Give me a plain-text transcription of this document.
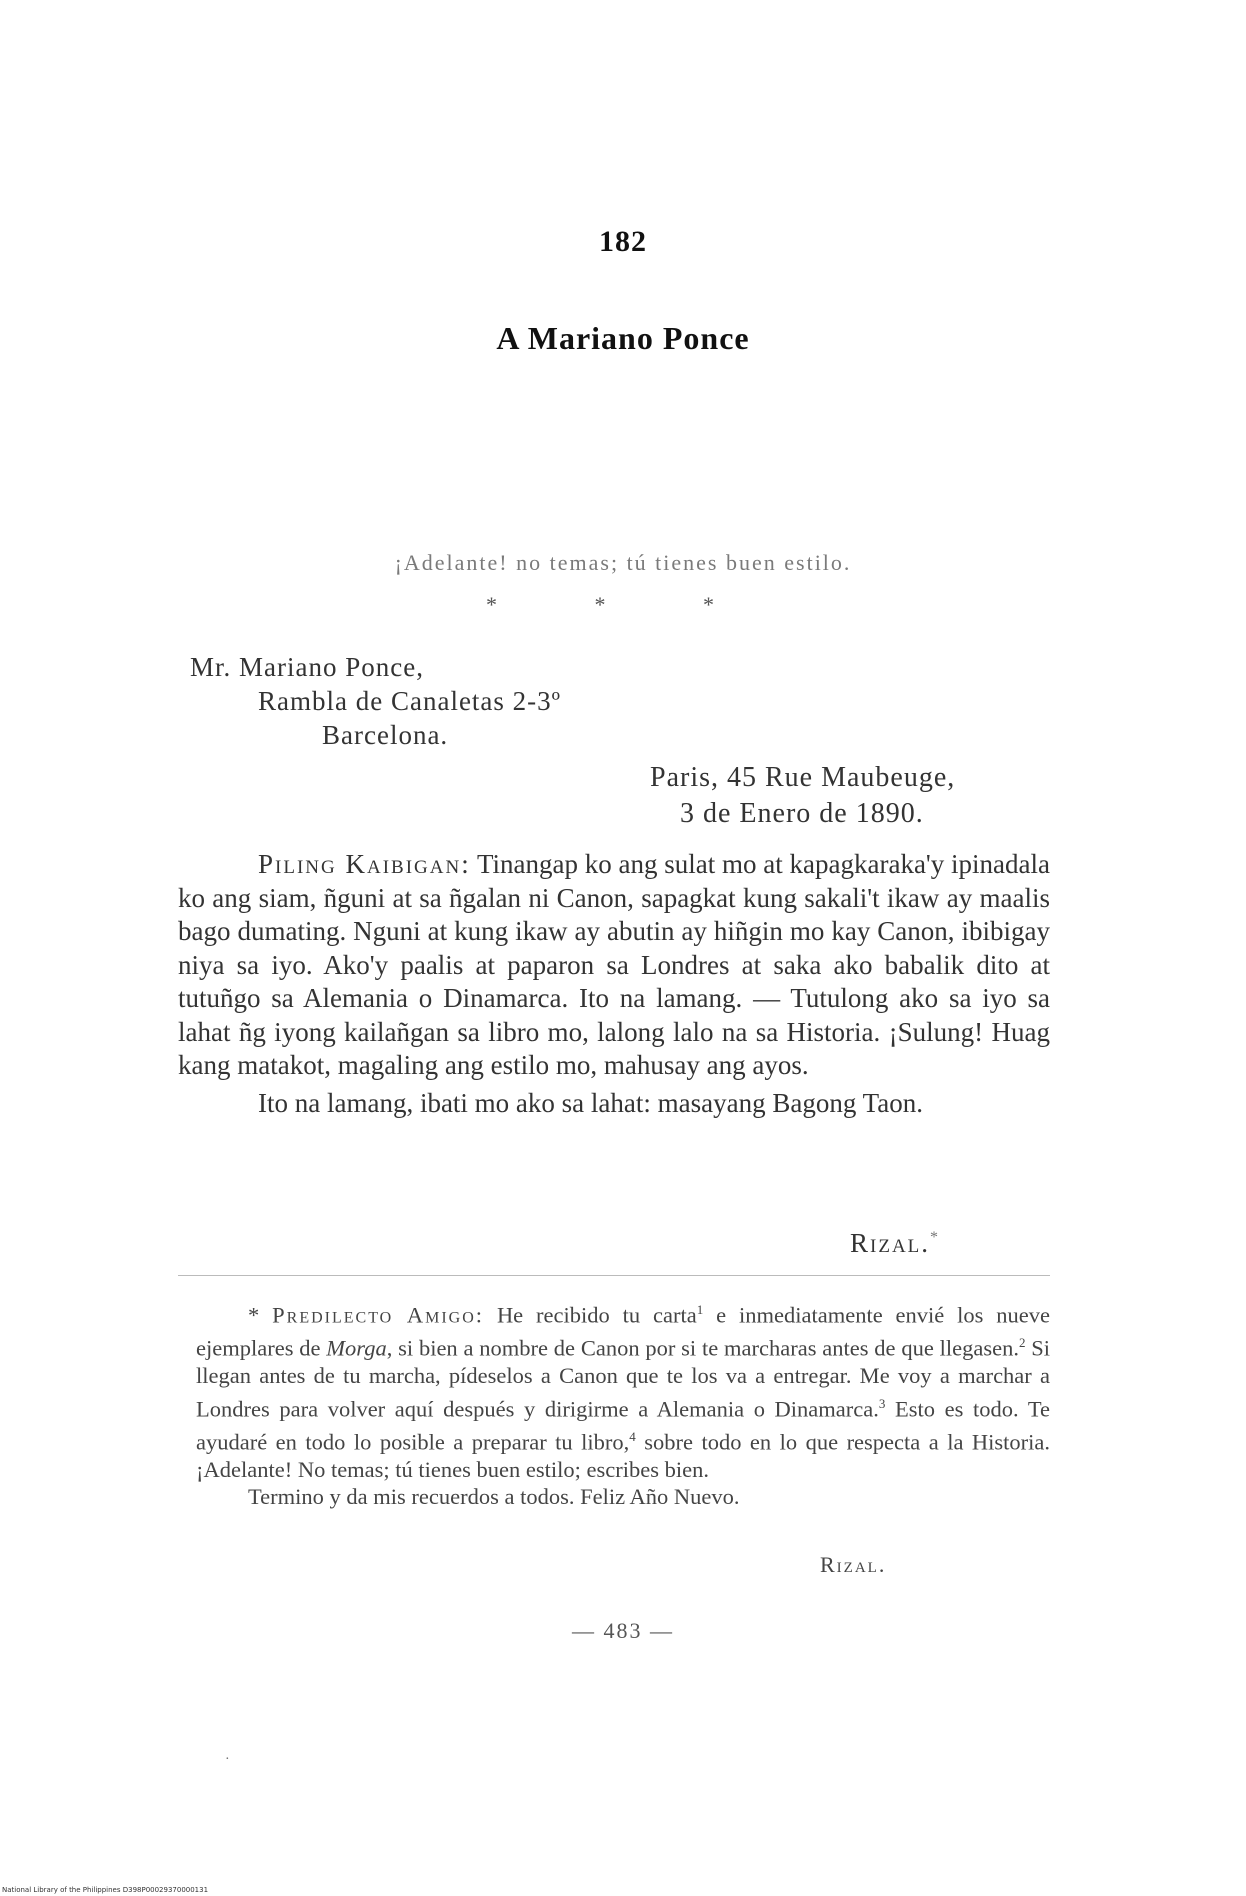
182
A Mariano Ponce
¡Adelante! no temas; tú tienes buen estilo.
* * *
Mr. Mariano Ponce,
Rambla de Canaletas 2-3º
Barcelona.
Paris, 45 Rue Maubeuge,
3 de Enero de 1890.

Piling Kaibigan: Tinangap ko ang sulat mo at kapagkaraka'y ipinadala ko ang siam, ñguni at sa ñgalan ni Canon, sapagkat kung sakali't ikaw ay maalis bago dumating. Nguni at kung ikaw ay abutin ay hiñgin mo kay Canon, ibibigay niya sa iyo. Ako'y paalis at paparon sa Londres at saka ako babalik dito at tutuñgo sa Alemania o Dinamarca. Ito na lamang. — Tutulong ako sa iyo sa lahat ñg iyong kailañgan sa libro mo, lalong lalo na sa Historia. ¡Sulung! Huag kang matakot, magaling ang estilo mo, mahusay ang ayos.

Ito na lamang, ibati mo ako sa lahat: masayang Bagong Taon.

Rizal.*

* Predilecto Amigo: He recibido tu carta$^1$ e inmediatamente envié los nueve ejemplares de Morga, si bien a nombre de Canon por si te marcharas antes de que llegasen.$^2$ Si llegan antes de tu marcha, pídeselos a Canon que te los va a entregar. Me voy a marchar a Londres para volver aquí después y dirigirme a Alemania o Dinamarca.$^3$ Esto es todo. Te ayudaré en todo lo posible a preparar tu libro,$^4$ sobre todo en lo que respecta a la Historia. ¡Adelante! No temas; tú tienes buen estilo; escribes bien.

Termino y da mis recuerdos a todos. Feliz Año Nuevo.

Rizal.
— 483 —
·
National Library of the Philippines D398P00029370000131
